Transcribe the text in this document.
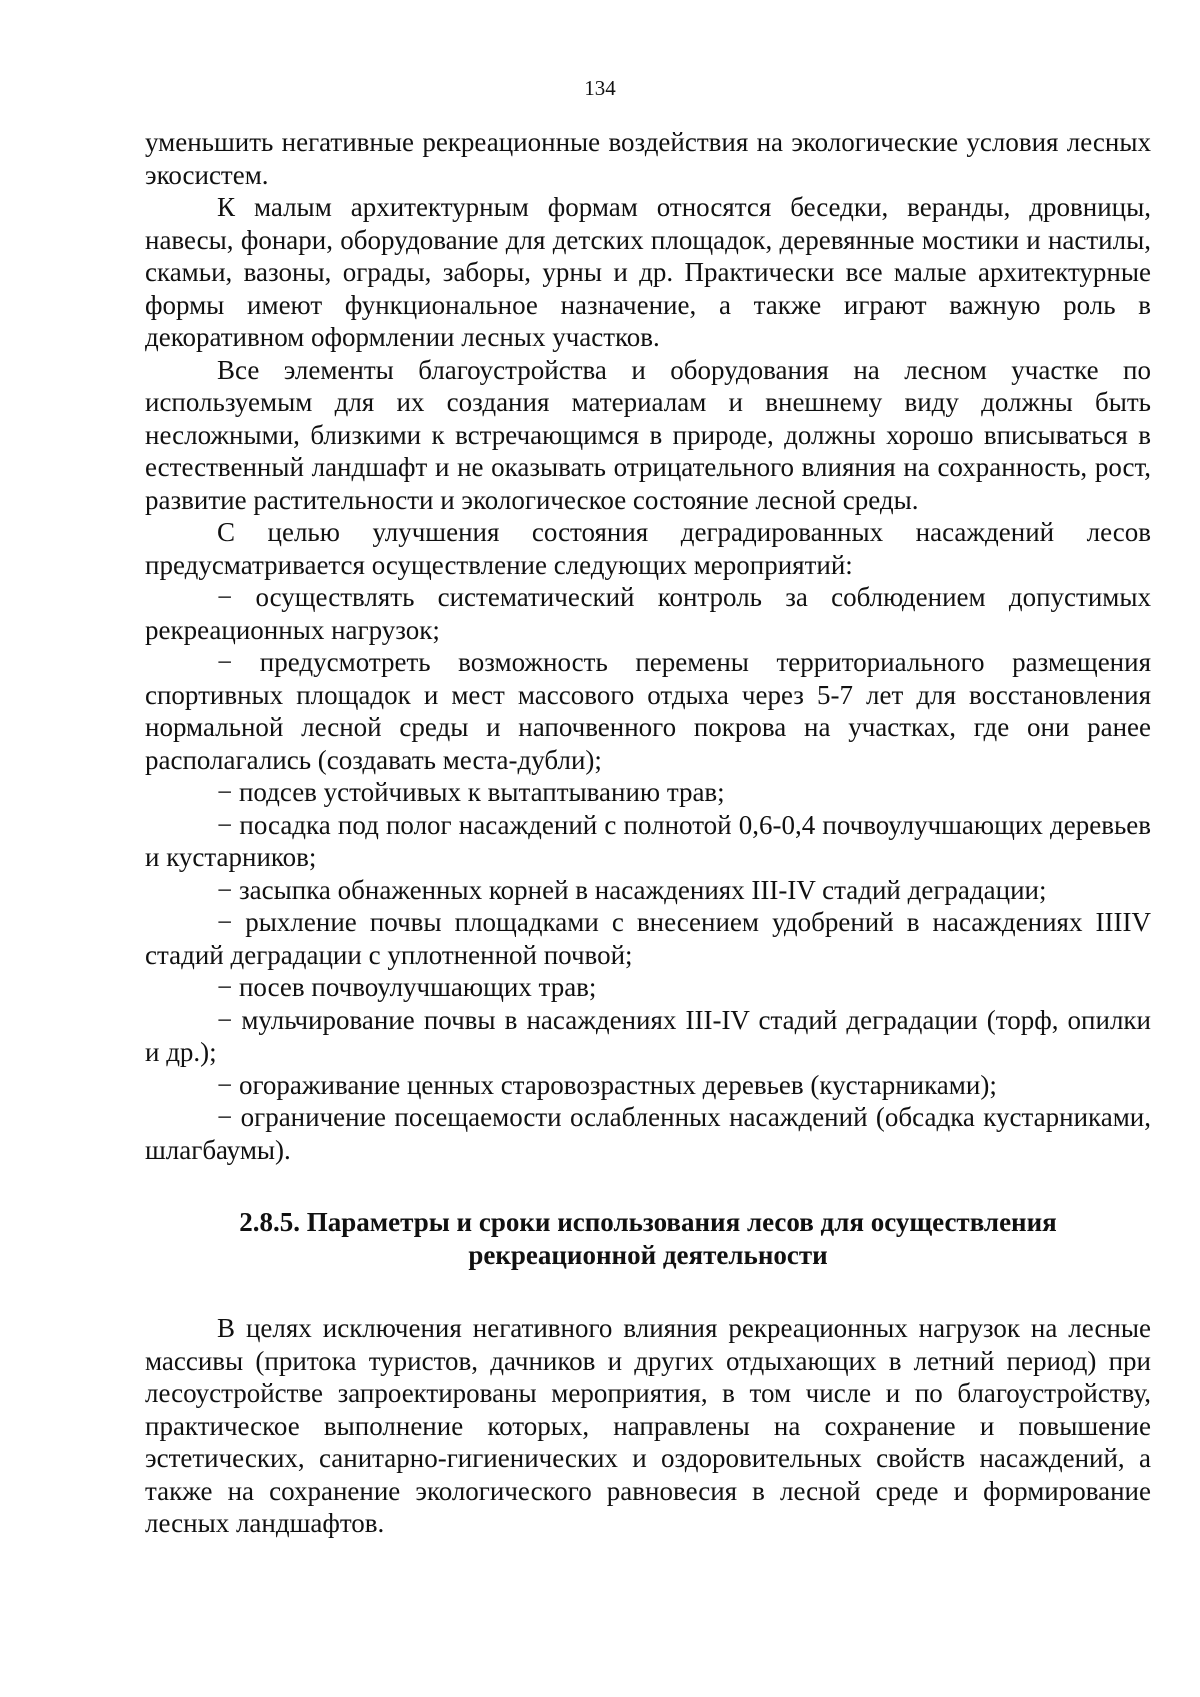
134

уменьшить негативные рекреационные воздействия на экологические условия лесных экосистем.

К малым архитектурным формам относятся беседки, веранды, дровницы, навесы, фонари, оборудование для детских площадок, деревянные мостики и настилы, скамьи, вазоны, ограды, заборы, урны и др. Практически все малые архитектурные формы имеют функциональное назначение, а также играют важную роль в декоративном оформлении лесных участков.

Все элементы благоустройства и оборудования на лесном участке по используемым для их создания материалам и внешнему виду должны быть несложными, близкими к встречающимся в природе, должны хорошо вписываться в естественный ландшафт и не оказывать отрицательного влияния на сохранность, рост, развитие растительности и экологическое состояние лесной среды.

С целью улучшения состояния деградированных насаждений лесов предусматривается осуществление следующих мероприятий:

− осуществлять систематический контроль за соблюдением допустимых рекреационных нагрузок;

− предусмотреть возможность перемены территориального размещения спортивных площадок и мест массового отдыха через 5-7 лет для восстановления нормальной лесной среды и напочвенного покрова на участках, где они ранее располагались (создавать места-дубли);

− подсев устойчивых к вытаптыванию трав;

− посадка под полог насаждений с полнотой 0,6-0,4 почвоулучшающих деревьев и кустарников;

− засыпка обнаженных корней в насаждениях III-IV стадий деградации;

− рыхление почвы площадками с внесением удобрений в насаждениях IIIIV стадий деградации с уплотненной почвой;

− посев почвоулучшающих трав;

− мульчирование почвы в насаждениях III-IV стадий деградации (торф, опилки и др.);

− огораживание ценных старовозрастных деревьев (кустарниками);

− ограничение посещаемости ослабленных насаждений (обсадка кустарниками, шлагбаумы).

2.8.5. Параметры и сроки использования лесов для осуществления
рекреационной деятельности

В целях исключения негативного влияния рекреационных нагрузок на лесные массивы (притока туристов, дачников и других отдыхающих в летний период) при лесоустройстве запроектированы мероприятия, в том числе и по благоустройству, практическое выполнение которых, направлены на сохранение и повышение эстетических, санитарно-гигиенических и оздоровительных свойств насаждений, а также на сохранение экологического равновесия в лесной среде и формирование лесных ландшафтов.
